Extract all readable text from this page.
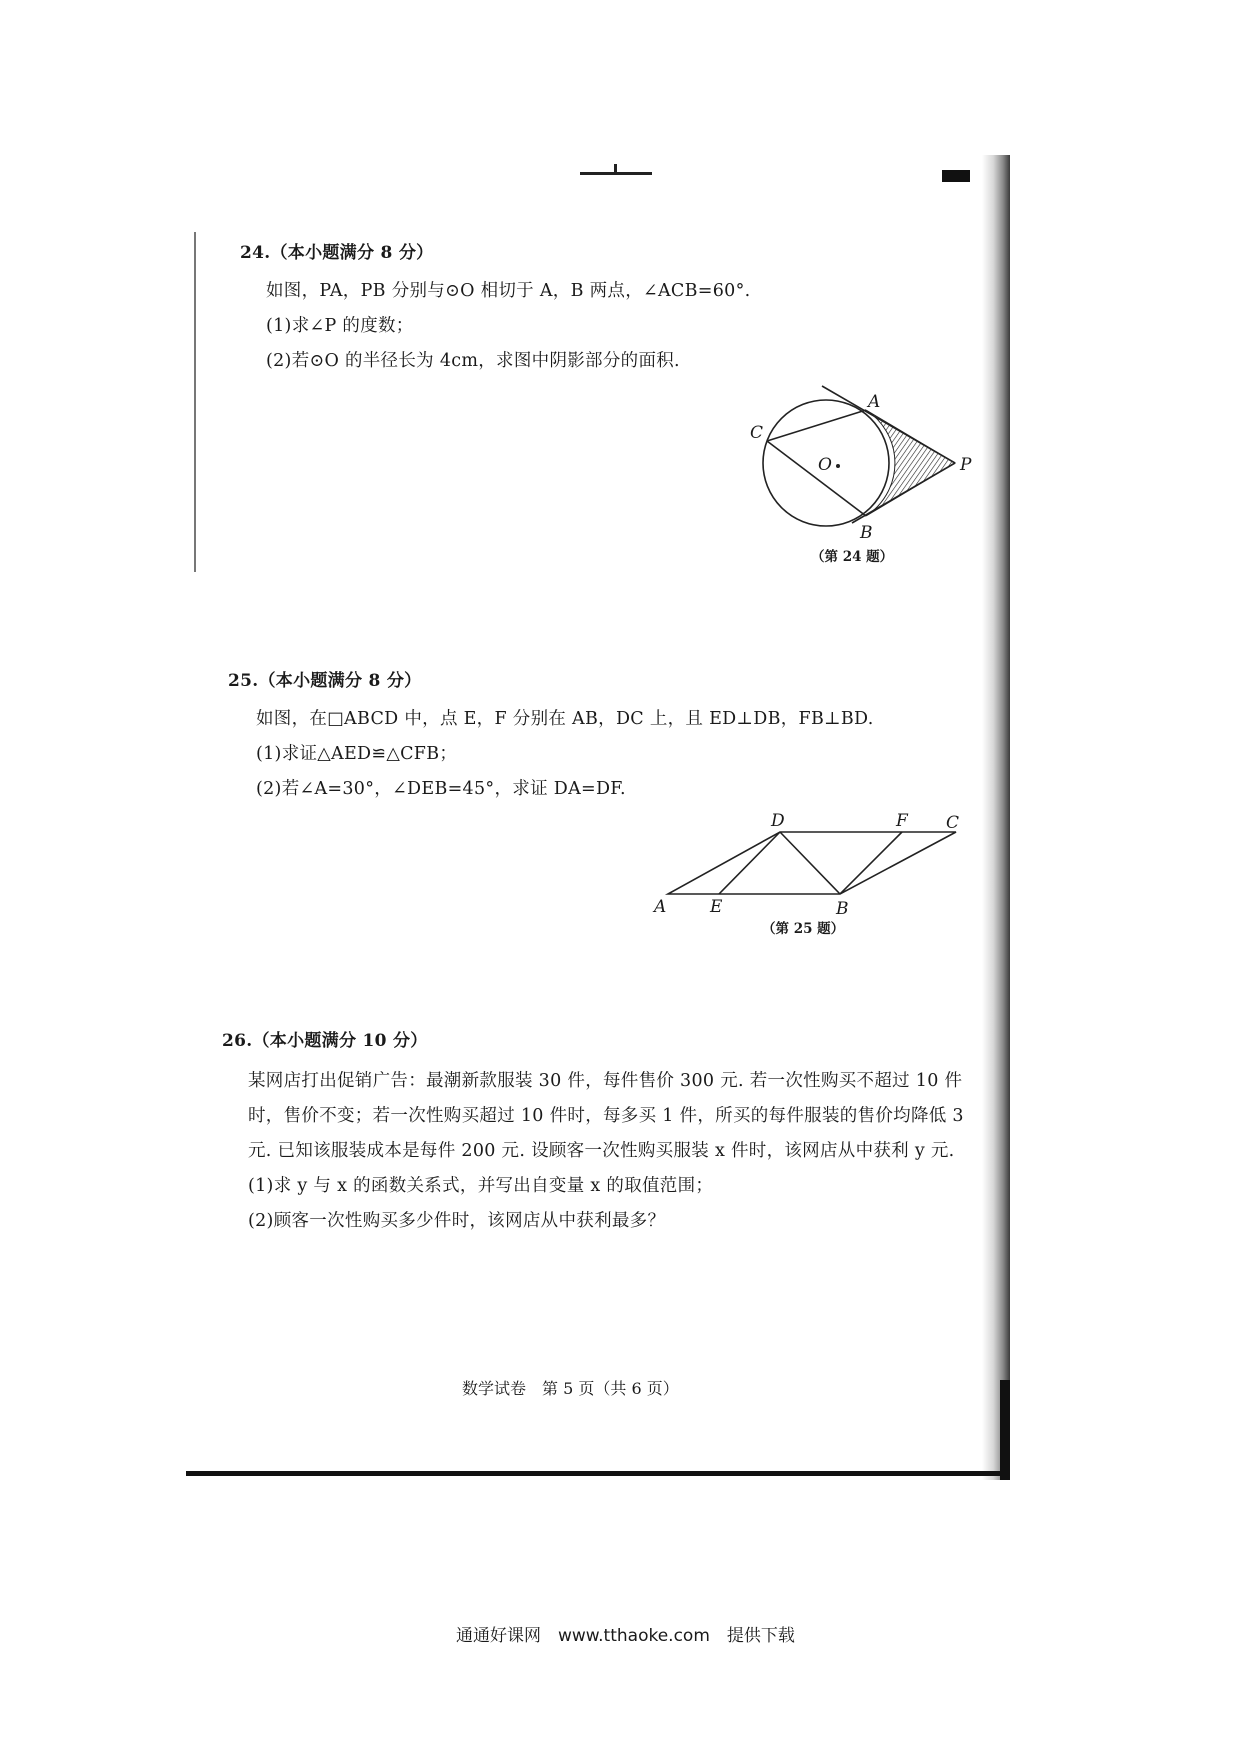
24.（本小题满分 8 分）
如图，PA，PB 分别与⊙O 相切于 A，B 两点，∠ACB=60°.
(1)求∠P 的度数；
(2)若⊙O 的半径长为 4cm，求图中阴影部分的面积.
A
C
O	P
B
（第 24 题）
25.（本小题满分 8 分）
如图，在□ABCD 中，点 E，F 分别在 AB，DC 上，且 ED⊥DB，FB⊥BD.
(1)求证△AED≌△CFB；
(2)若∠A=30°，∠DEB=45°，求证 DA=DF.
D	F C
A	E	B
（第 25 题）
26.（本小题满分 10 分）
某网店打出促销广告：最潮新款服装 30 件，每件售价 300 元. 若一次性购买不超过 10 件
时，售价不变；若一次性购买超过 10 件时，每多买 1 件，所买的每件服装的售价均降低 3
元. 已知该服装成本是每件 200 元. 设顾客一次性购买服装 x 件时，该网店从中获利 y 元.
(1)求 y 与 x 的函数关系式，并写出自变量 x 的取值范围；
(2)顾客一次性购买多少件时，该网店从中获利最多？
数学试卷　第 5 页（共 6 页）
通通好课网　www.tthaoke.com　提供下载
